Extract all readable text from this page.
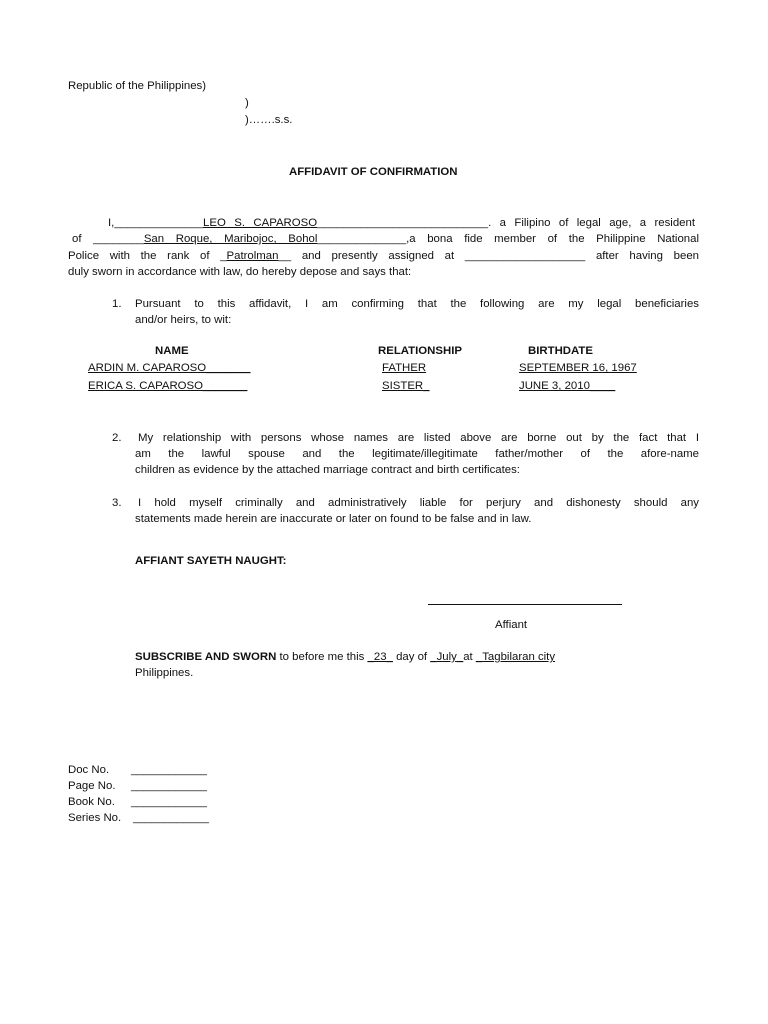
Republic of the Philippines)
)
)…….s.s.
AFFIDAVIT OF CONFIRMATION
I,______________LEO S. CAPAROSO___________________________. a Filipino of legal age, a resident
of ________San Roque, Maribojoc, Bohol______________,a bona fide member of the Philippine National
Police with the rank of _Patrolman__ and presently assigned at ___________________ after having been
duly sworn in accordance with law, do hereby depose and says that:
1. Pursuant to this affidavit, I am confirming that the following are my legal beneficiaries
and/or heirs, to wit:
NAME	RELATIONSHIP	BIRTHDATE
ARDIN M. CAPAROSO_______	FATHER	SEPTEMBER 16, 1967
ERICA S. CAPAROSO_______	SISTER_	JUNE 3, 2010____
2. My relationship with persons whose names are listed above are borne out by the fact that I
am the lawful spouse and the legitimate/illegitimate father/mother of the afore-name
children as evidence by the attached marriage contract and birth certificates:
3. I hold myself criminally and administratively liable for perjury and dishonesty should any
statements made herein are inaccurate or later on found to be false and in law.
AFFIANT SAYETH NAUGHT:
Affiant
SUBSCRIBE AND SWORN to before me this _23_ day of _July_at _Tagbilaran city
Philippines.
Doc No. ____________
Page No. ____________
Book No. ____________
Series No. ____________
